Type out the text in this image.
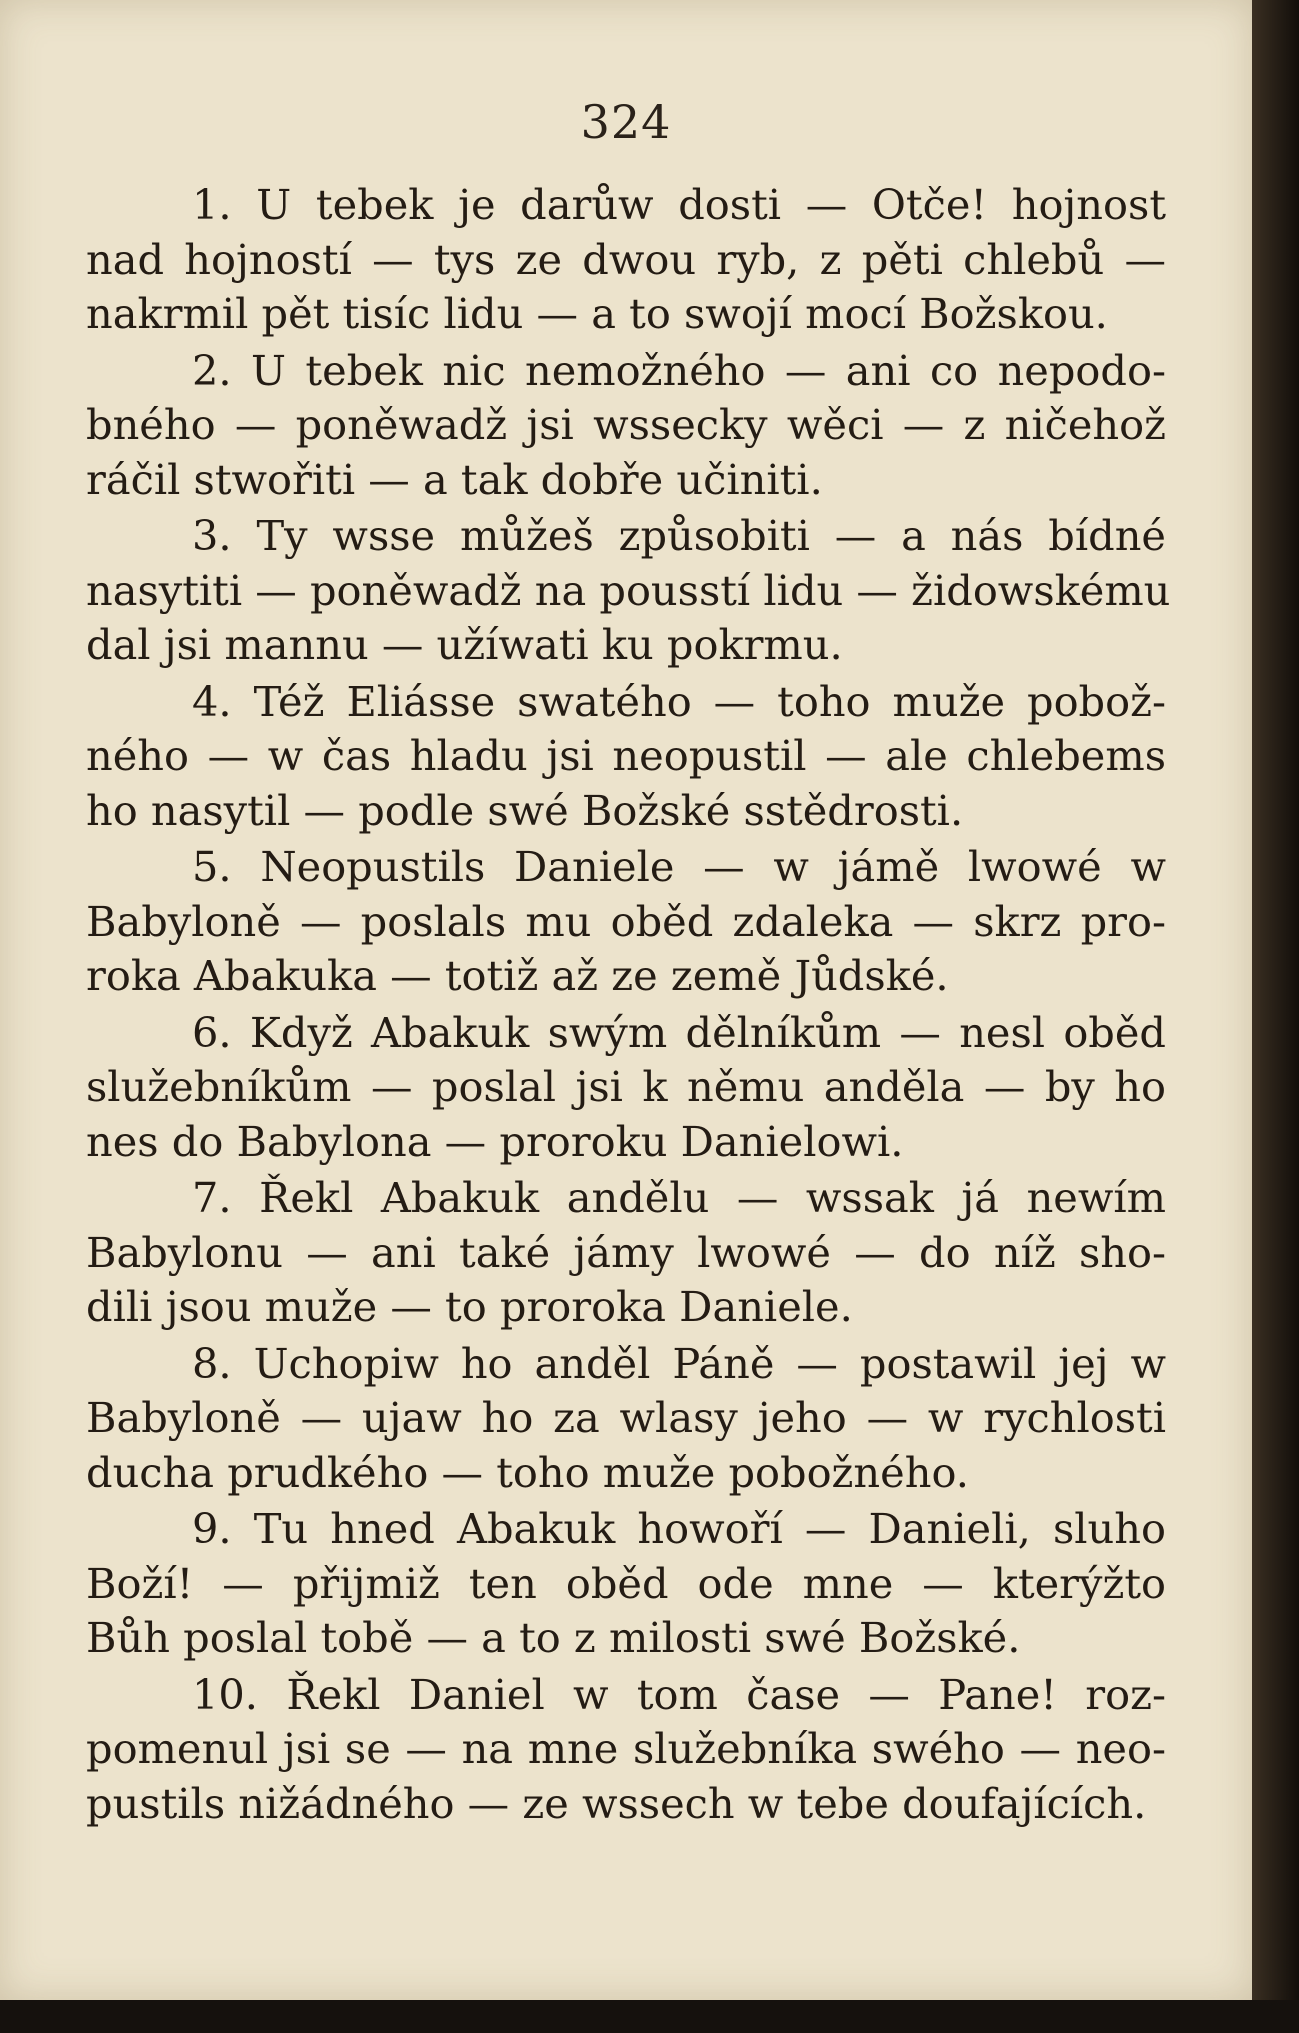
324
1. U tebek je darůw dosti — Otče! hojnost
nad hojností — tys ze dwou ryb, z pěti chlebů —
nakrmil pět tisíc lidu — a to swojí mocí Božskou.
2. U tebek nic nemožného — ani co nepodo-
bného — poněwadž jsi wssecky wěci — z ničehož
ráčil stwořiti — a tak dobře učiniti.
3. Ty wsse můžeš způsobiti — a nás bídné
nasytiti — poněwadž na pousstí lidu — židowskému
dal jsi mannu — užíwati ku pokrmu.
4. Též Eliásse swatého — toho muže pobož-
ného — w čas hladu jsi neopustil — ale chlebems
ho nasytil — podle swé Božské sstědrosti.
5. Neopustils Daniele — w jámě lwowé w
Babyloně — poslals mu oběd zdaleka — skrz pro-
roka Abakuka — totiž až ze země Jůdské.
6. Když Abakuk swým dělníkům — nesl oběd
služebníkům — poslal jsi k němu anděla — by ho
nes do Babylona — proroku Danielowi.
7. Řekl Abakuk andělu — wssak já newím
Babylonu — ani také jámy lwowé — do níž sho-
dili jsou muže — to proroka Daniele.
8. Uchopiw ho anděl Páně — postawil jej w
Babyloně — ujaw ho za wlasy jeho — w rychlosti
ducha prudkého — toho muže pobožného.
9. Tu hned Abakuk howoří — Danieli, sluho
Boží! — přijmiž ten oběd ode mne — kterýžto
Bůh poslal tobě — a to z milosti swé Božské.
10. Řekl Daniel w tom čase — Pane! roz-
pomenul jsi se — na mne služebníka swého — neo-
pustils nižádného — ze wssech w tebe doufajících.
